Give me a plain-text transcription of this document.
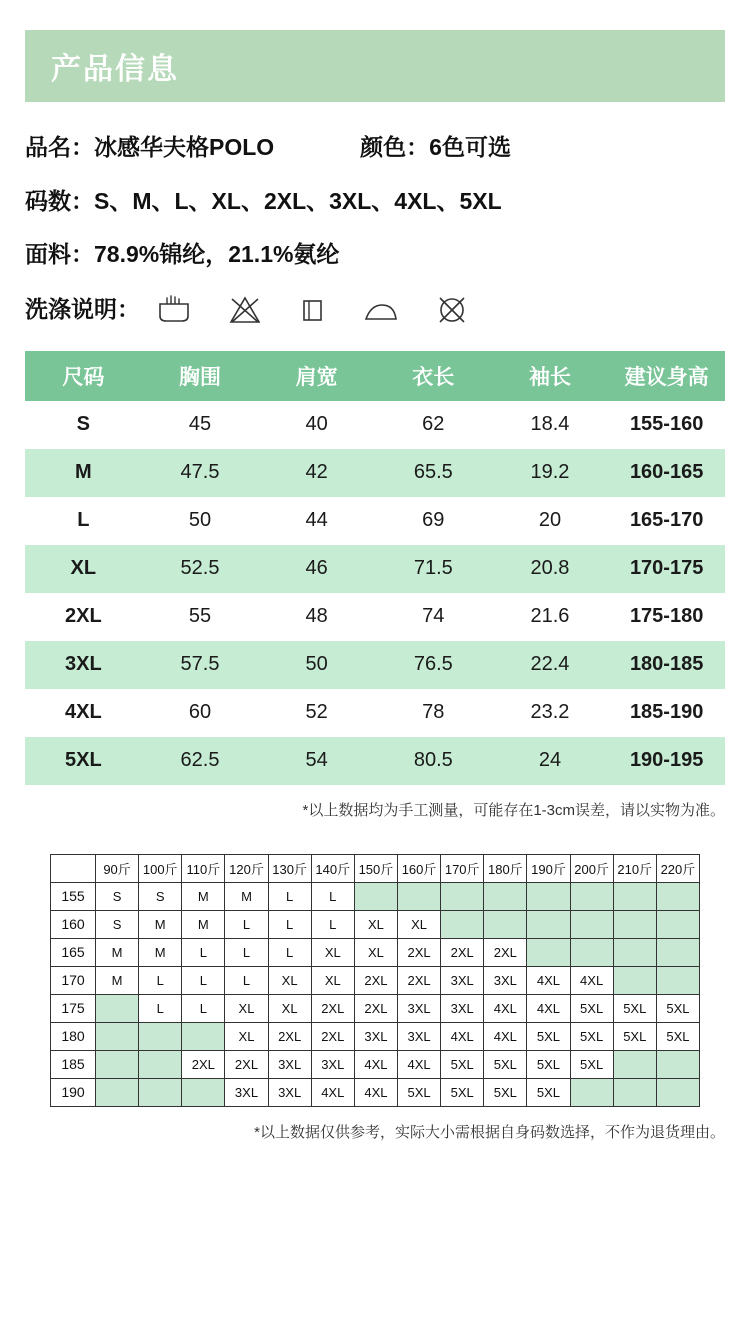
产品信息
品名： 冰感华夫格POLO	颜色： 6色可选
码数： S、M、L、XL、2XL、3XL、4XL、5XL
面料： 78.9%锦纶，21.1%氨纶
洗涤说明：
尺码	胸围	肩宽	衣长	袖长	建议身高
S	45	40	62	18.4	155-160
M	47.5	42	65.5	19.2	160-165
L	50	44	69	20	165-170
XL	52.5	46	71.5	20.8	170-175
2XL	55	48	74	21.6	175-180
3XL	57.5	50	76.5	22.4	180-185
4XL	60	52	78	23.2	185-190
5XL	62.5	54	80.5	24	190-195
*以上数据均为手工测量，可能存在1-3cm误差，请以实物为准。
	90斤	100斤	110斤	120斤	130斤	140斤	150斤	160斤	170斤	180斤	190斤	200斤	210斤	220斤
155	S	S	M	M	L	L								
160	S	M	M	L	L	L	XL	XL						
165	M	M	L	L	L	XL	XL	2XL	2XL	2XL				
170	M	L	L	L	XL	XL	2XL	2XL	3XL	3XL	4XL	4XL		
175		L	L	XL	XL	2XL	2XL	3XL	3XL	4XL	4XL	5XL	5XL	5XL
180				XL	2XL	2XL	3XL	3XL	4XL	4XL	5XL	5XL	5XL	5XL
185			2XL	2XL	3XL	3XL	4XL	4XL	5XL	5XL	5XL	5XL		
190				3XL	3XL	4XL	4XL	5XL	5XL	5XL	5XL			
*以上数据仅供参考，实际大小需根据自身码数选择，不作为退货理由。
